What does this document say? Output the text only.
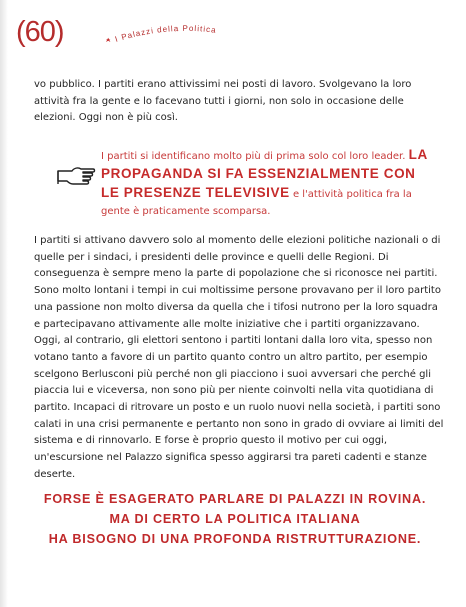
(60)	I Palazzi della Politica

vo pubblico. I partiti erano attivissimi nei posti di lavoro. Svolgevano la loro attività fra la gente e lo facevano tutti i giorni, non solo in occasione delle elezioni. Oggi non è più così.

I partiti si identificano molto più di prima solo col loro leader. LA PROPAGANDA SI FA ESSENZIALMENTE CON LE PRESENZE TELEVISIVE e l'attività politica fra la gente è praticamente scomparsa.

I partiti si attivano davvero solo al momento delle elezioni politiche nazionali o di quelle per i sindaci, i presidenti delle province e quelli delle Regioni. Di conseguenza è sempre meno la parte di popolazione che si riconosce nei partiti. Sono molto lontani i tempi in cui moltissime persone provavano per il loro partito una passione non molto diversa da quella che i tifosi nutrono per la loro squadra e partecipavano attivamente alle molte iniziative che i partiti organizzavano. Oggi, al contrario, gli elettori sentono i partiti lontani dalla loro vita, spesso non votano tanto a favore di un partito quanto contro un altro partito, per esempio scelgono Berlusconi più perché non gli piacciono i suoi avversari che perché gli piaccia lui e viceversa, non sono più per niente coinvolti nella vita quotidiana di partito. Incapaci di ritrovare un posto e un ruolo nuovi nella società, i partiti sono calati in una crisi permanente e pertanto non sono in grado di ovviare ai limiti del sistema e di rinnovarlo. E forse è proprio questo il motivo per cui oggi, un'escursione nel Palazzo significa spesso aggirarsi tra pareti cadenti e stanze deserte.

FORSE È ESAGERATO PARLARE DI PALAZZI IN ROVINA.
MA DI CERTO LA POLITICA ITALIANA
HA BISOGNO DI UNA PROFONDA RISTRUTTURAZIONE.
